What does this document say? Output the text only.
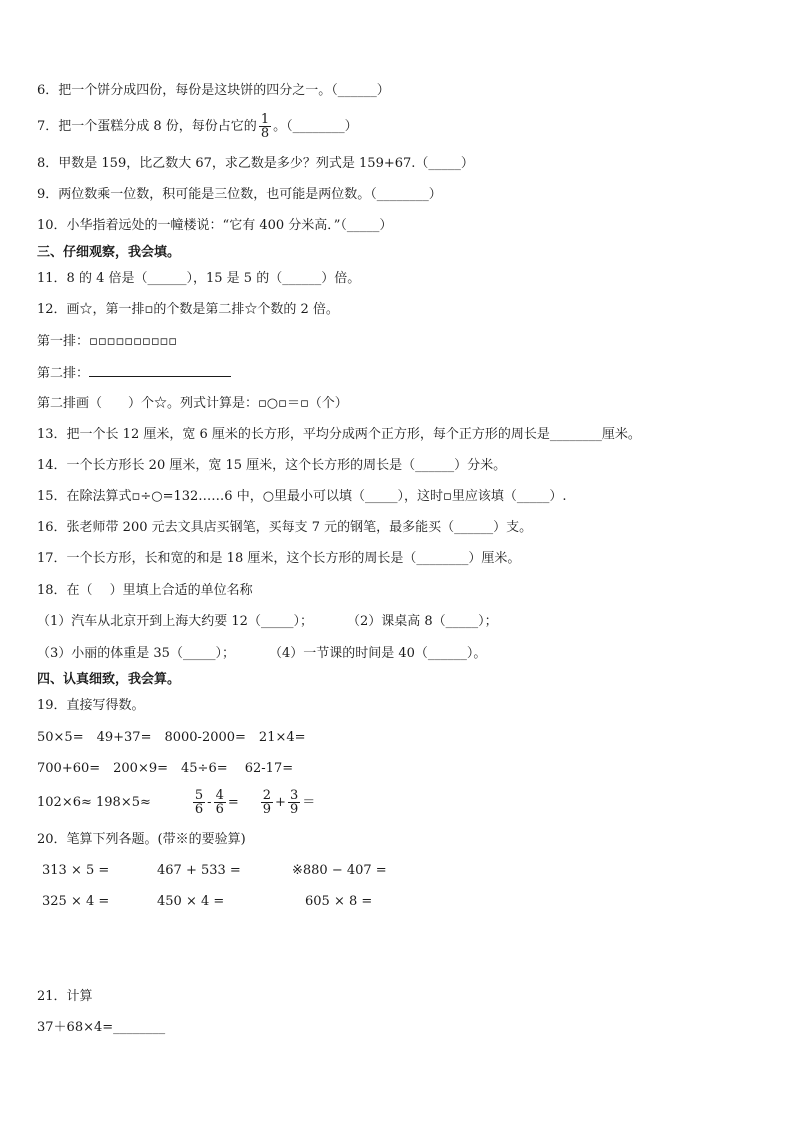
6．把一个饼分成四份，每份是这块饼的四分之一。（______）
7．把一个蛋糕分成 8 份，每份占它的 $\frac{1}{8}$ 。（________）
8．甲数是 159，比乙数大 67，求乙数是多少？列式是 159+67.（_____）
9．两位数乘一位数，积可能是三位数，也可能是两位数。（________）
10．小华指着远处的一幢楼说：“它有 400 分米高．”（_____）
三、仔细观察，我会填。
11．8 的 4 倍是（______），15 是 5 的（______）倍。
12．画☆，第一排▫的个数是第二排☆个数的 2 倍。
第一排：▫▫▫▫▫▫▫▫▫▫
第二排：
第二排画（　　）个☆。列式计算是：▫○▫＝▫（个）
13．把一个长 12 厘米，宽 6 厘米的长方形，平均分成两个正方形，每个正方形的周长是________厘米。
14．一个长方形长 20 厘米，宽 15 厘米，这个长方形的周长是（______）分米。
15．在除法算式▫÷○=132……6 中，○里最小可以填（_____），这时▫里应该填（_____）.
16．张老师带 200 元去文具店买钢笔，买每支 7 元的钢笔，最多能买（______）支。
17．一个长方形，长和宽的和是 18 厘米，这个长方形的周长是（________）厘米。
18．在（　 ）里填上合适的单位名称
（1）汽车从北京开到上海大约要 12（_____）；	（2）课桌高 8（_____）；
（3）小丽的体重是 35（_____）；	（4）一节课的时间是 40（______）。
四、认真细致，我会算。
19．直接写得数。
50×5=　49+37=　8000-2000=　21×4=
700+60=　200×9=　45÷6=　 62-17=
102×6≈ 198×5≈	$\frac{5}{6} - \frac{4}{6} = \frac{2}{9} + \frac{3}{9}$ ＝
20．笔算下列各题。(带※的要验算)
313 × 5 =	467 + 533 =	※880 − 407 =
325 × 4 =	450 × 4 =	605 × 8 =
21．计算
37＋68×4=________
